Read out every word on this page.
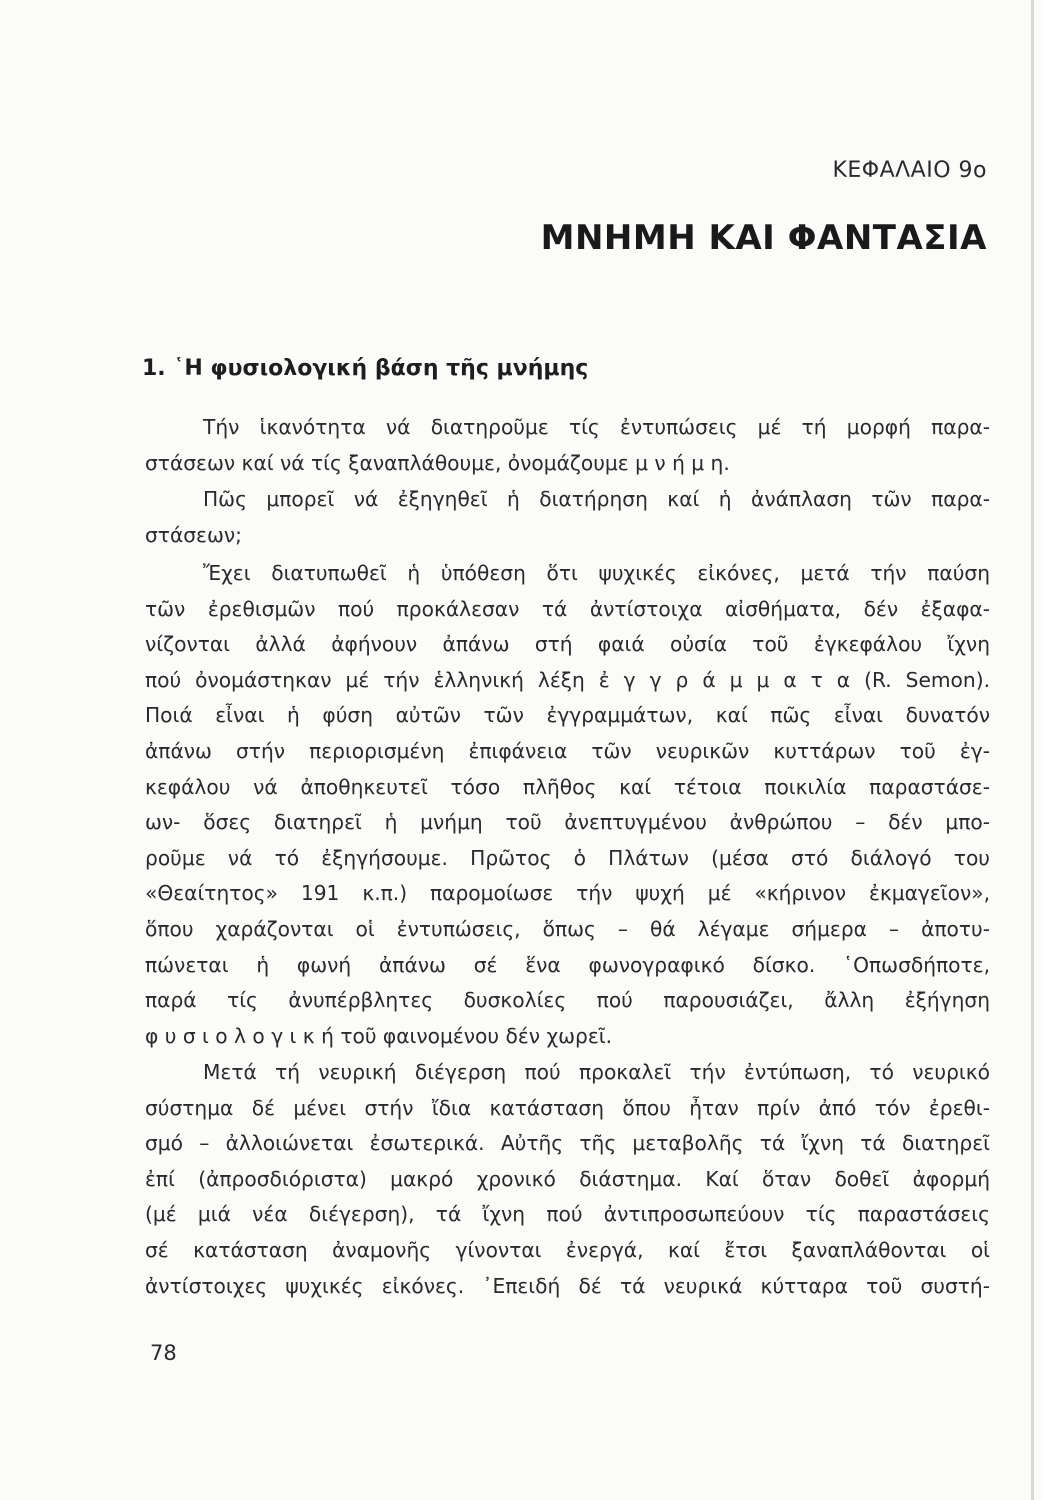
ΚΕΦΑΛΑΙΟ 9ο
ΜΝΗΜΗ ΚΑΙ ΦΑΝΤΑΣΙΑ
1. ῾Η φυσιολογική βάση τῆς μνήμης
Τήν ἱκανότητα νά διατηροῦμε τίς ἐντυπώσεις μέ τή μορφή παρα-
στάσεων καί νά τίς ξαναπλάθουμε, ὀνομάζουμε μ ν ή μ η.
Πῶς μπορεῖ νά ἐξηγηθεῖ ἡ διατήρηση καί ἡ ἀνάπλαση τῶν παρα-
στάσεων;
Ἔχει διατυπωθεῖ ἡ ὑπόθεση ὅτι ψυχικές εἰκόνες, μετά τήν παύση
τῶν ἐρεθισμῶν πού προκάλεσαν τά ἀντίστοιχα αἰσθήματα, δέν ἐξαφα-
νίζονται ἀλλά ἀφήνουν ἀπάνω στή φαιά οὐσία τοῦ ἐγκεφάλου ἴχνη
πού ὀνομάστηκαν μέ τήν ἑλληνική λέξη ἐ γ γ ρ ά μ μ α τ α (R. Semon).
Ποιά εἶναι ἡ φύση αὐτῶν τῶν ἐγγραμμάτων, καί πῶς εἶναι δυνατόν
ἀπάνω στήν περιορισμένη ἐπιφάνεια τῶν νευρικῶν κυττάρων τοῦ ἐγ-
κεφάλου νά ἀποθηκευτεῖ τόσο πλῆθος καί τέτοια ποικιλία παραστάσε-
ων- ὅσες διατηρεῖ ἡ μνήμη τοῦ ἀνεπτυγμένου ἀνθρώπου – δέν μπο-
ροῦμε νά τό ἐξηγήσουμε. Πρῶτος ὁ Πλάτων (μέσα στό διάλογό του
«Θεαίτητος» 191 κ.π.) παρομοίωσε τήν ψυχή μέ «κήρινον ἐκμαγεῖον»,
ὅπου χαράζονται οἱ ἐντυπώσεις, ὅπως – θά λέγαμε σήμερα – ἀποτυ-
πώνεται ἡ φωνή ἀπάνω σέ ἕνα φωνογραφικό δίσκο. ῾Οπωσδήποτε,
παρά τίς ἀνυπέρβλητες δυσκολίες πού παρουσιάζει, ἄλλη ἐξήγηση
φ υ σ ι ο λ ο γ ι κ ή τοῦ φαινομένου δέν χωρεῖ.
Μετά τή νευρική διέγερση πού προκαλεῖ τήν ἐντύπωση, τό νευρικό
σύστημα δέ μένει στήν ἴδια κατάσταση ὅπου ἦταν πρίν ἀπό τόν ἐρεθι-
σμό – ἀλλοιώνεται ἐσωτερικά. Αὐτῆς τῆς μεταβολῆς τά ἴχνη τά διατηρεῖ
ἐπί (ἀπροσδιόριστα) μακρό χρονικό διάστημα. Καί ὅταν δοθεῖ ἀφορμή
(μέ μιά νέα διέγερση), τά ἴχνη πού ἀντιπροσωπεύουν τίς παραστάσεις
σέ κατάσταση ἀναμονῆς γίνονται ἐνεργά, καί ἔτσι ξαναπλάθονται οἱ
ἀντίστοιχες ψυχικές εἰκόνες. ᾿Επειδή δέ τά νευρικά κύτταρα τοῦ συστή-
78
